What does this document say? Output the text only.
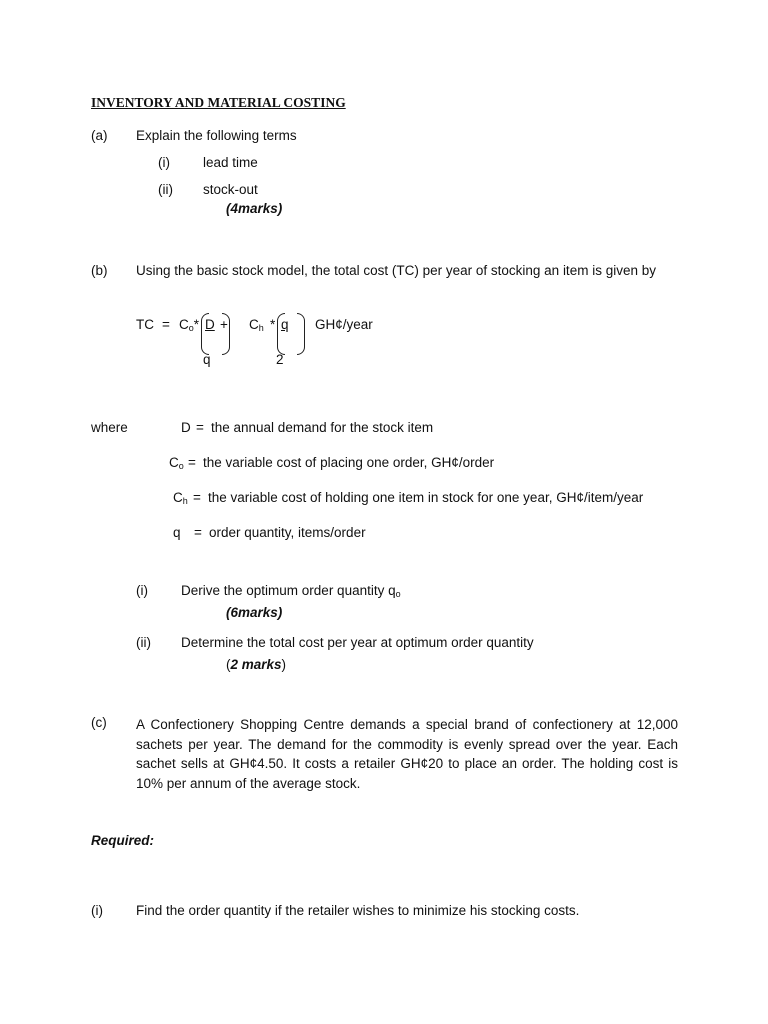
INVENTORY AND MATERIAL COSTING
(a) Explain the following terms
(i) lead time
(ii) stock-out
(4marks)
(b) Using the basic stock model, the total cost (TC) per year of stocking an item is given by
TC = $C_o*$ D +
q
$C_h$ * q
2
GH¢/year
where	D = the annual demand for the stock item
$C_o$ = the variable cost of placing one order, GH¢/order
$C_h$ = the variable cost of holding one item in stock for one year, GH¢/item/year
q = order quantity, items/order
(i) Derive the optimum order quantity $q_o$
(6marks)
(ii) Determine the total cost per year at optimum order quantity
(2 marks)
(c) A Confectionery Shopping Centre demands a special brand of confectionery at 12,000 sachets per year. The demand for the commodity is evenly spread over the year. Each sachet sells at GH¢4.50. It costs a retailer GH¢20 to place an order. The holding cost is 10% per annum of the average stock.
Required:
(i) Find the order quantity if the retailer wishes to minimize his stocking costs.
